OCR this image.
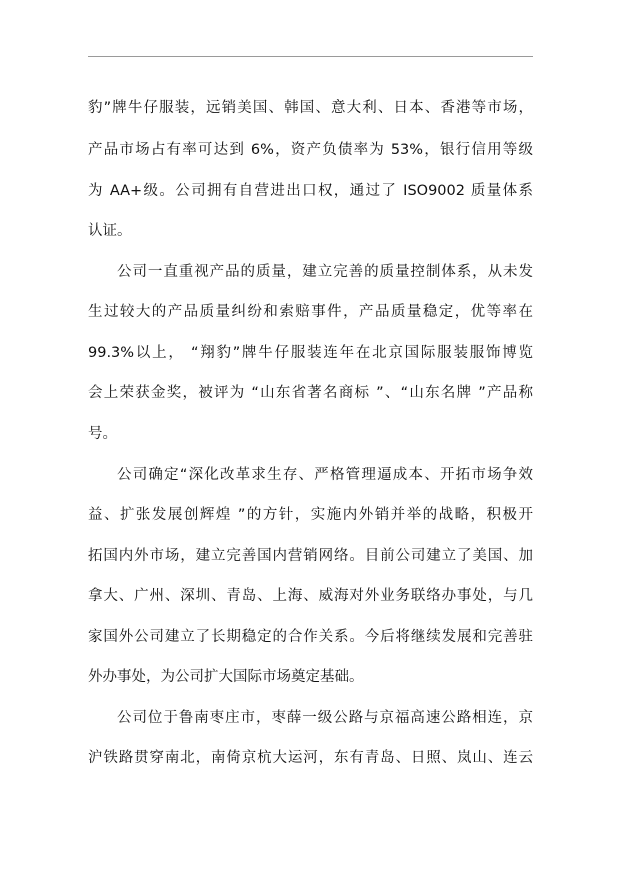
豹”牌牛仔服装，远销美国、韩国、意大利、日本、香港等市场，
产品市场占有率可达到 6%，资产负债率为 53%，银行信用等级
为 AA+级。公司拥有自营进出口权，通过了 ISO9002 质量体系
认证。
公司一直重视产品的质量，建立完善的质量控制体系，从未发
生过较大的产品质量纠纷和索赔事件，产品质量稳定，优等率在
99.3%以上， “翔豹”牌牛仔服装连年在北京国际服装服饰博览
会上荣获金奖，被评为 “山东省著名商标 ”、“山东名牌 ”产品称
号。
公司确定“深化改革求生存、严格管理逼成本、开拓市场争效
益、扩张发展创辉煌 ”的方针，实施内外销并举的战略，积极开
拓国内外市场，建立完善国内营销网络。目前公司建立了美国、加
拿大、广州、深圳、青岛、上海、威海对外业务联络办事处，与几
家国外公司建立了长期稳定的合作关系。今后将继续发展和完善驻
外办事处，为公司扩大国际市场奠定基础。
公司位于鲁南枣庄市，枣薛一级公路与京福高速公路相连，京
沪铁路贯穿南北，南倚京杭大运河，东有青岛、日照、岚山、连云
